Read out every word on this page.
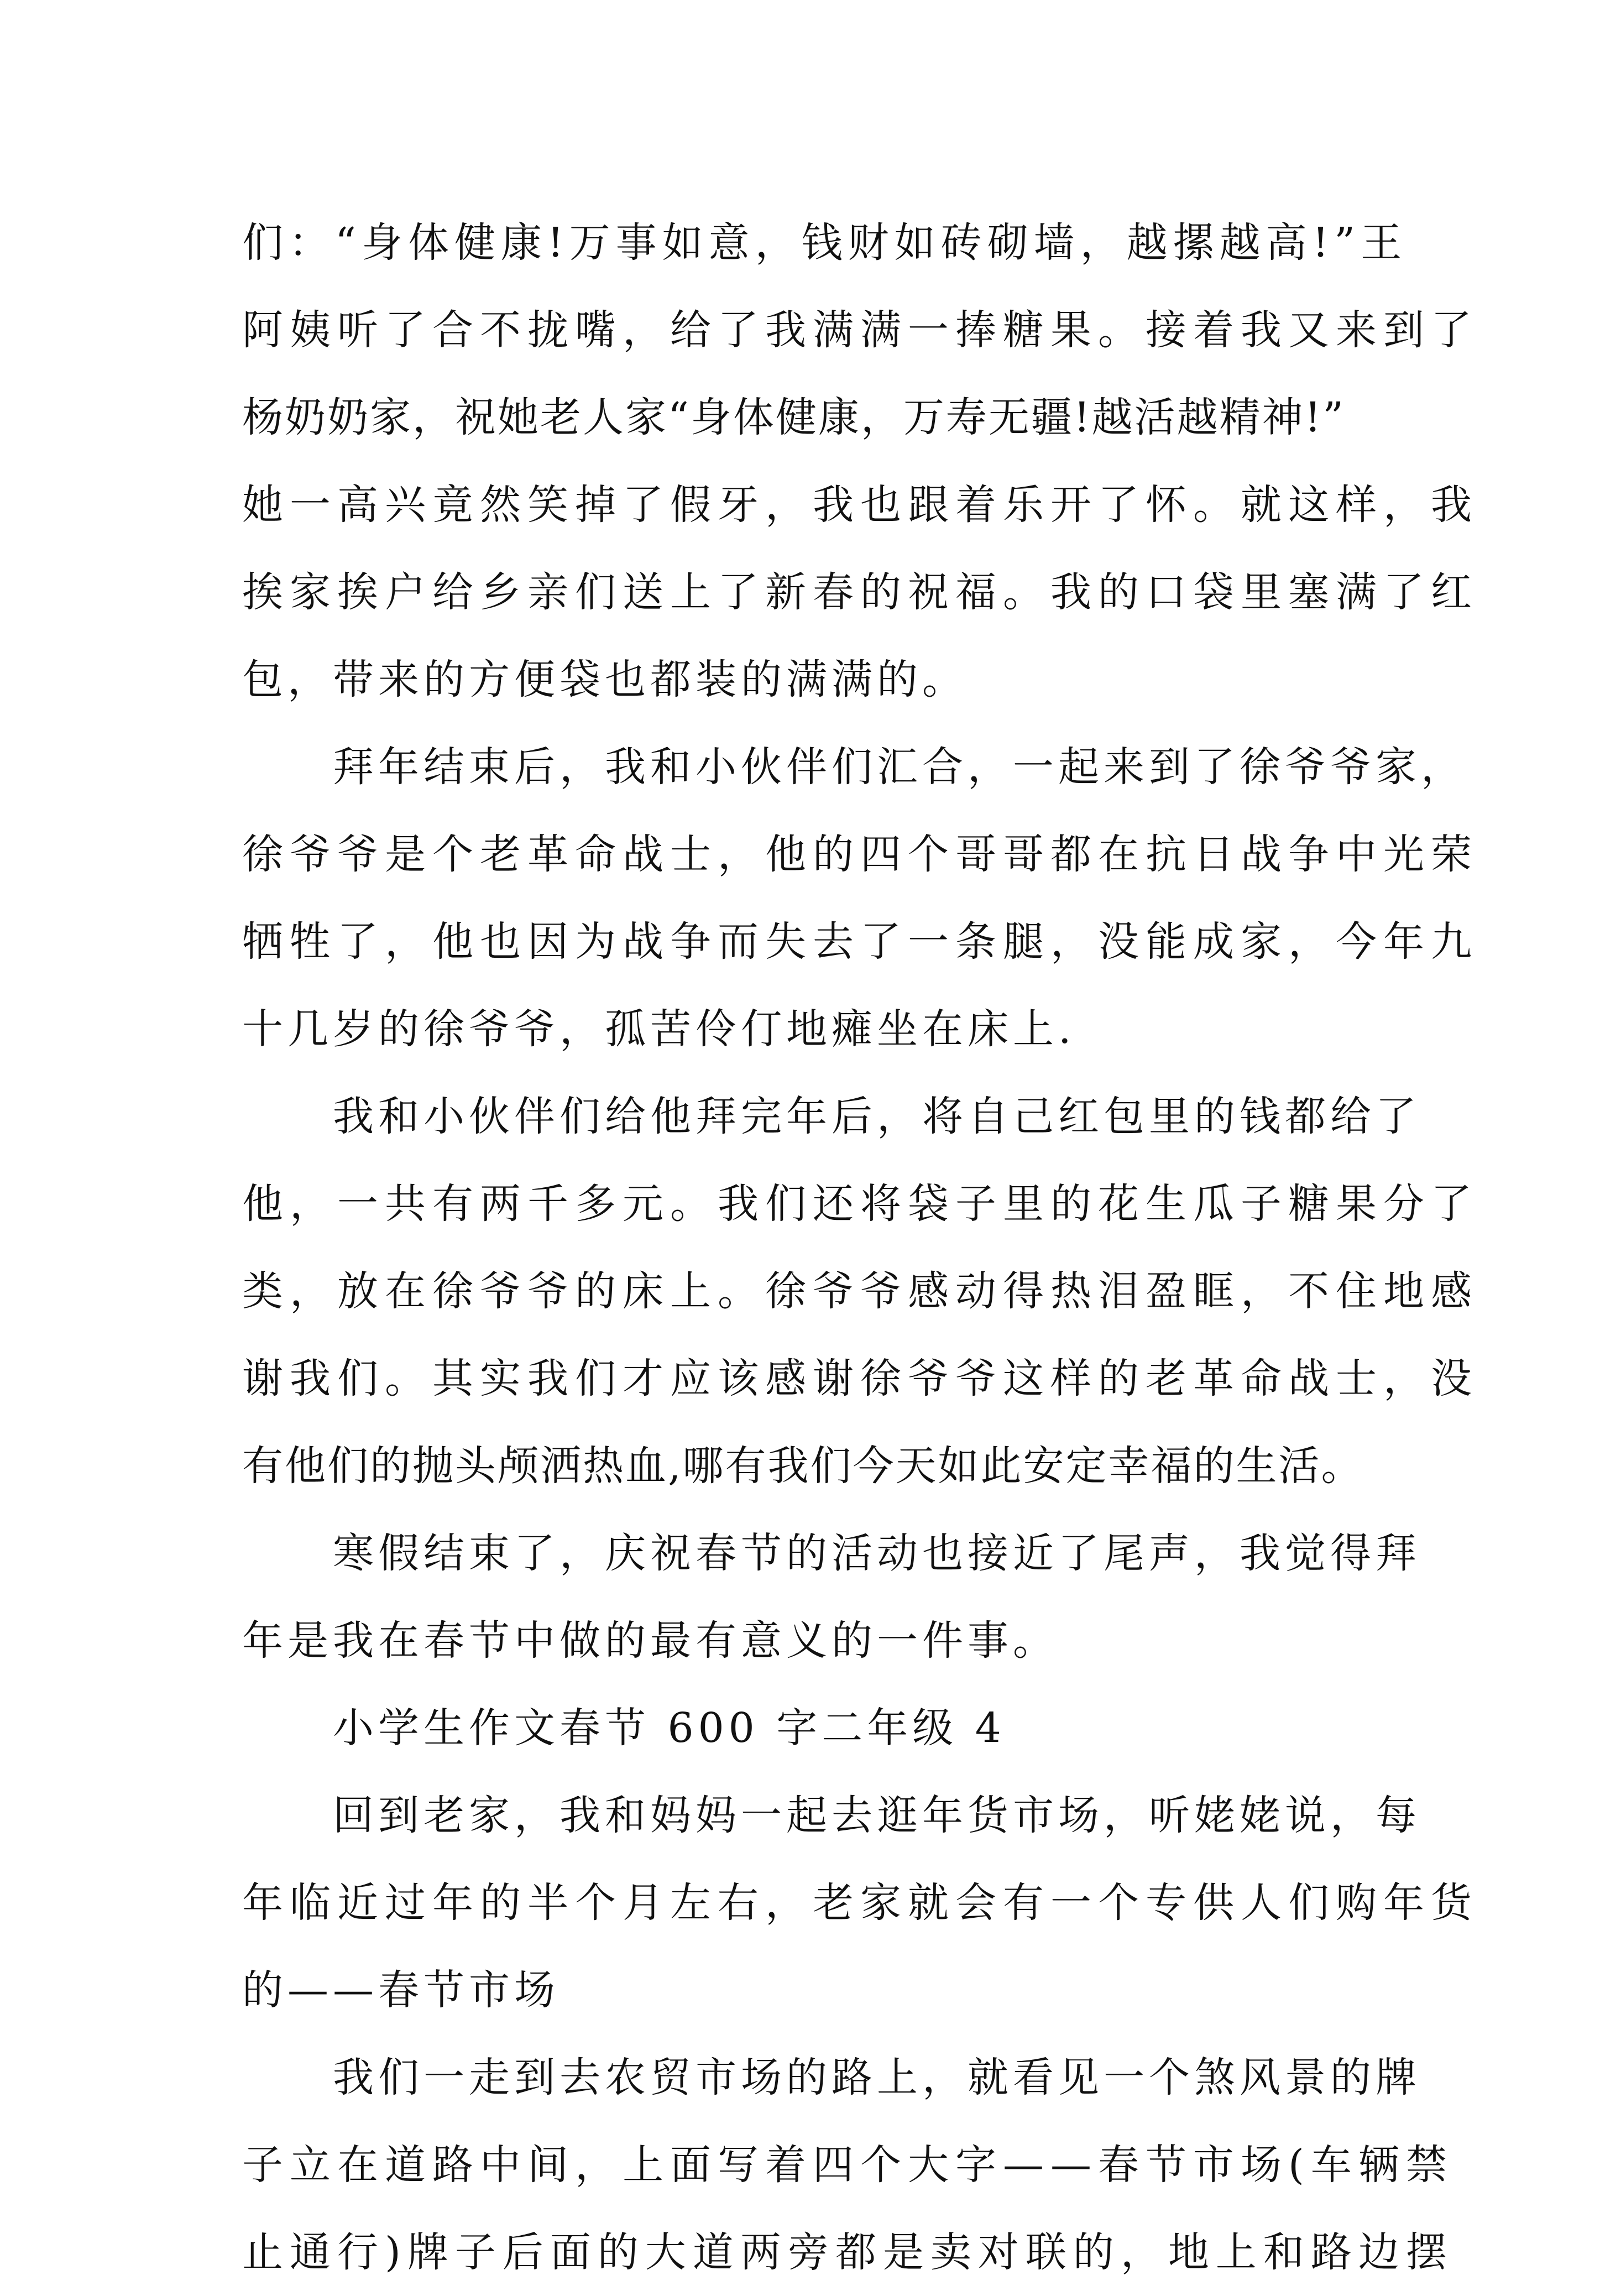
们：“身体健康!万事如意，钱财如砖砌墙，越摞越高!”王

阿姨听了合不拢嘴，给了我满满一捧糖果。接着我又来到了

杨奶奶家，祝她老人家“身体健康，万寿无疆!越活越精神!”

她一高兴竟然笑掉了假牙，我也跟着乐开了怀。就这样，我

挨家挨户给乡亲们送上了新春的祝福。我的口袋里塞满了红

包，带来的方便袋也都装的满满的。

拜年结束后，我和小伙伴们汇合，一起来到了徐爷爷家，

徐爷爷是个老革命战士，他的四个哥哥都在抗日战争中光荣

牺牲了，他也因为战争而失去了一条腿，没能成家，今年九

十几岁的徐爷爷，孤苦伶仃地瘫坐在床上.

我和小伙伴们给他拜完年后，将自己红包里的钱都给了

他，一共有两千多元。我们还将袋子里的花生瓜子糖果分了

类，放在徐爷爷的床上。徐爷爷感动得热泪盈眶，不住地感

谢我们。其实我们才应该感谢徐爷爷这样的老革命战士，没

有他们的抛头颅洒热血,哪有我们今天如此安定幸福的生活。

寒假结束了，庆祝春节的活动也接近了尾声，我觉得拜

年是我在春节中做的最有意义的一件事。

小学生作文春节 600 字二年级 4

回到老家，我和妈妈一起去逛年货市场，听姥姥说，每

年临近过年的半个月左右，老家就会有一个专供人们购年货

的——春节市场

我们一走到去农贸市场的路上，就看见一个煞风景的牌

子立在道路中间，上面写着四个大字——春节市场(车辆禁

止通行)牌子后面的大道两旁都是卖对联的，地上和路边摆
